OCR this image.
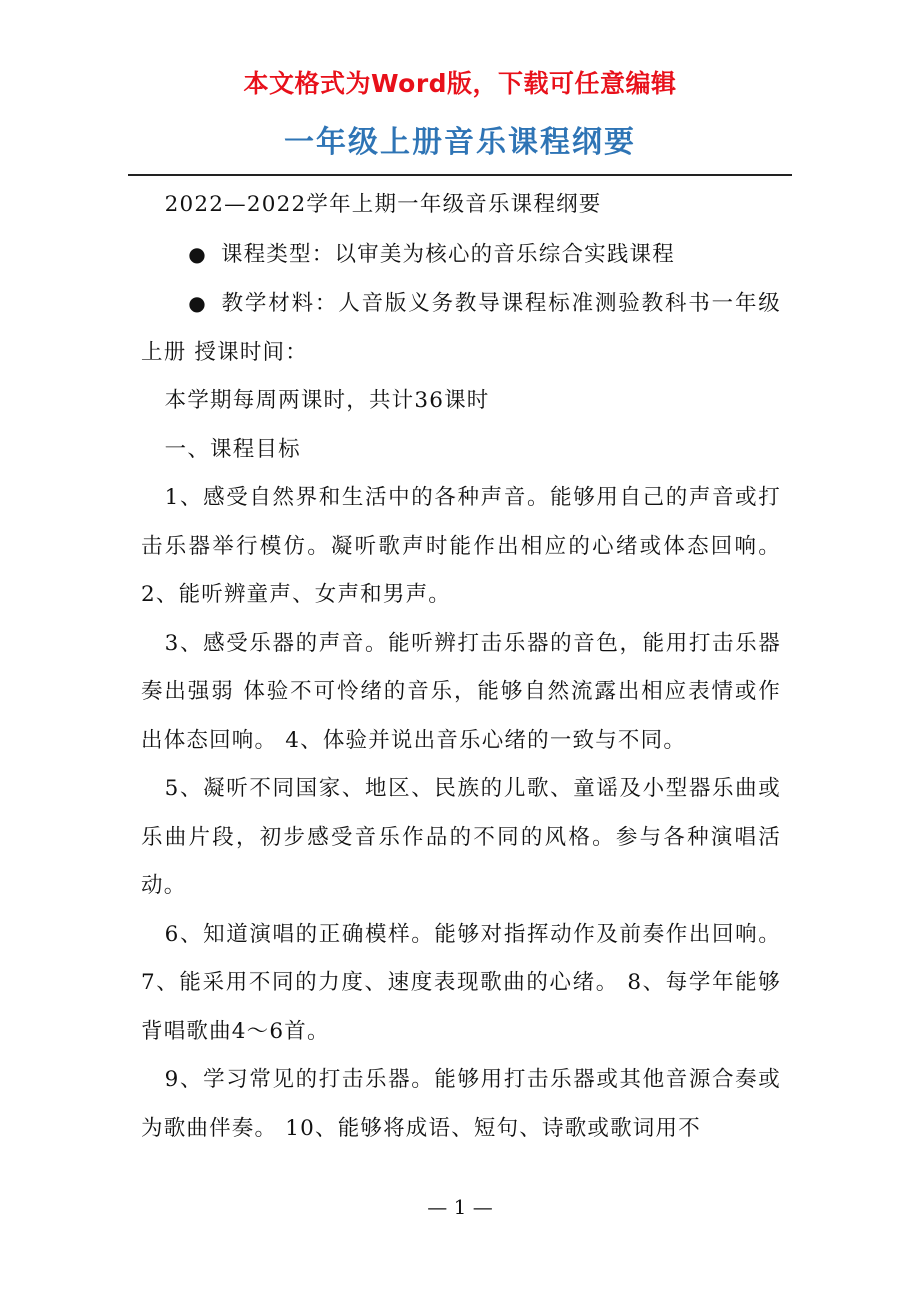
本文格式为Word版，下载可任意编辑
一年级上册音乐课程纲要

2022—2022学年上期一年级音乐课程纲要

● 课程类型：以审美为核心的音乐综合实践课程

● 教学材料：人音版义务教导课程标准测验教科书一年级上册 授课时间：

本学期每周两课时，共计36课时

一、课程目标

1、感受自然界和生活中的各种声音。能够用自己的声音或打击乐器举行模仿。凝听歌声时能作出相应的心绪或体态回响。 2、能听辨童声、女声和男声。

3、感受乐器的声音。能听辨打击乐器的音色，能用打击乐器奏出强弱 体验不可怜绪的音乐，能够自然流露出相应表情或作出体态回响。 4、体验并说出音乐心绪的一致与不同。

5、凝听不同国家、地区、民族的儿歌、童谣及小型器乐曲或乐曲片段，初步感受音乐作品的不同的风格。参与各种演唱活动。

6、知道演唱的正确模样。能够对指挥动作及前奏作出回响。 7、能采用不同的力度、速度表现歌曲的心绪。 8、每学年能够背唱歌曲4～6首。

9、学习常见的打击乐器。能够用打击乐器或其他音源合奏或为歌曲伴奏。 10、能够将成语、短句、诗歌或歌词用不

— 1 —
